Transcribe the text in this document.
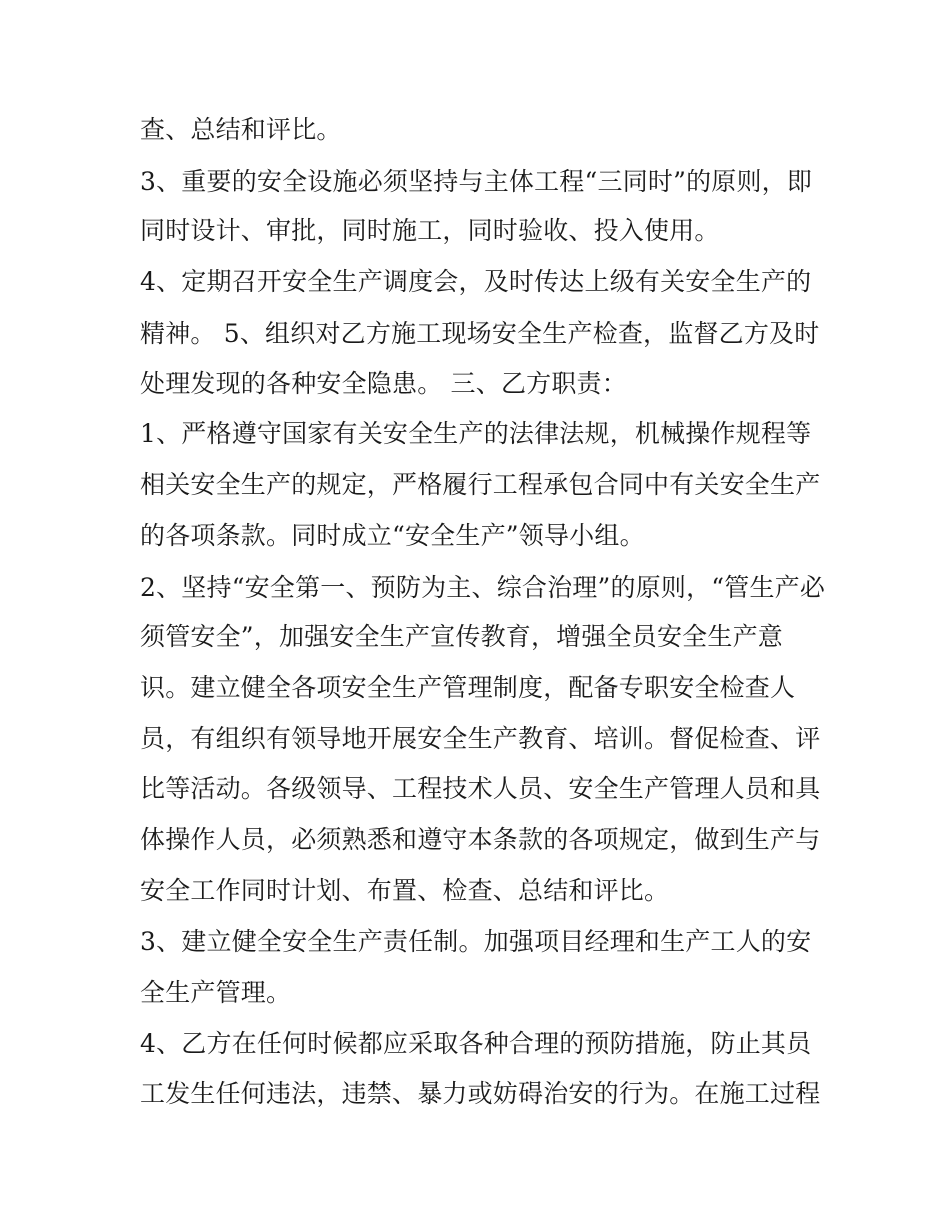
查、总结和评比。
3、重要的安全设施必须坚持与主体工程“三同时”的原则，即
同时设计、审批，同时施工，同时验收、投入使用。
4、定期召开安全生产调度会，及时传达上级有关安全生产的
精神。 5、组织对乙方施工现场安全生产检查，监督乙方及时
处理发现的各种安全隐患。 三、乙方职责：
1、严格遵守国家有关安全生产的法律法规，机械操作规程等
相关安全生产的规定，严格履行工程承包合同中有关安全生产
的各项条款。同时成立“安全生产”领导小组。
2、坚持“安全第一、预防为主、综合治理”的原则，“管生产必
须管安全”，加强安全生产宣传教育，增强全员安全生产意
识。建立健全各项安全生产管理制度，配备专职安全检查人
员，有组织有领导地开展安全生产教育、培训。督促检查、评
比等活动。各级领导、工程技术人员、安全生产管理人员和具
体操作人员，必须熟悉和遵守本条款的各项规定，做到生产与
安全工作同时计划、布置、检查、总结和评比。
3、建立健全安全生产责任制。加强项目经理和生产工人的安
全生产管理。
4、乙方在任何时候都应采取各种合理的预防措施，防止其员
工发生任何违法，违禁、暴力或妨碍治安的行为。在施工过程
